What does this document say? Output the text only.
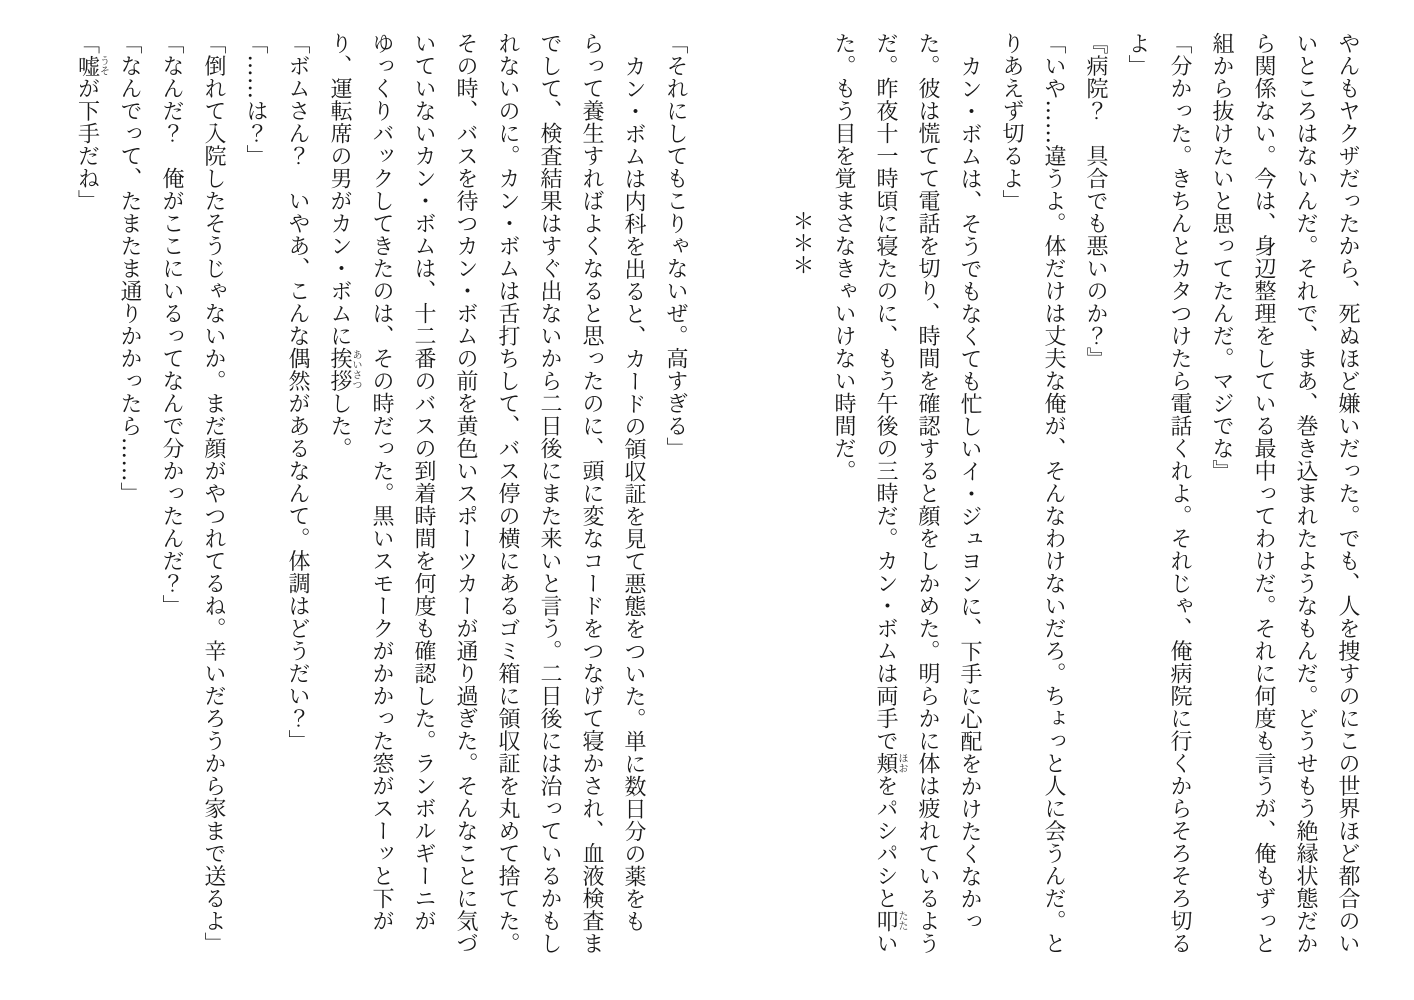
やんもヤクザだったから、死ぬほど嫌いだった。でも、人を捜すのにこの世界ほど都合のいいところはないんだ。それで、まあ、巻き込まれたようなもんだ。どうせもう絶縁状態だから関係ない。今は、身辺整理をしている最中ってわけだ。それに何度も言うが、俺もずっと組から抜けたいと思ってたんだ。マジでな』

「分かった。きちんとカタつけたら電話くれよ。それじゃ、俺病院に行くからそろそろ切るよ」

『病院？　具合でも悪いのか？』

「いや……違うよ。体だけは丈夫な俺が、そんなわけないだろ。ちょっと人に会うんだ。とりあえず切るよ」

カン・ボムは、そうでもなくても忙しいイ・ジュヨンに、下手に心配をかけたくなかった。彼は慌てて電話を切り、時間を確認すると顔をしかめた。明らかに体は疲れているようだ。昨夜十一時頃に寝たのに、もう午後の三時だ。カン・ボムは両手で頬ほおをパシパシと叩たたいた。もう目を覚まさなきゃいけない時間だ。

＊＊＊

「それにしてもこりゃないぜ。高すぎる」

カン・ボムは内科を出ると、カードの領収証を見て悪態をついた。単に数日分の薬をもらって養生すればよくなると思ったのに、頭に変なコードをつなげて寝かされ、血液検査までして、検査結果はすぐ出ないから二日後にまた来いと言う。二日後には治っているかもしれないのに。カン・ボムは舌打ちして、バス停の横にあるゴミ箱に領収証を丸めて捨てた。その時、バスを待つカン・ボムの前を黄色いスポーツカーが通り過ぎた。そんなことに気づいていないカン・ボムは、十二番のバスの到着時間を何度も確認した。ランボルギーニがゆっくりバックしてきたのは、その時だった。黒いスモークがかかった窓がスーッと下がり、運転席の男がカン・ボムに挨拶あいさつした。

「ボムさん？　いやあ、こんな偶然があるなんて。体調はどうだい？」

「……は？」

「倒れて入院したそうじゃないか。まだ顔がやつれてるね。辛いだろうから家まで送るよ」

「なんだ？　俺がここにいるってなんで分かったんだ？」

「なんでって、たまたま通りかかったら……」

「嘘うそが下手だね」
